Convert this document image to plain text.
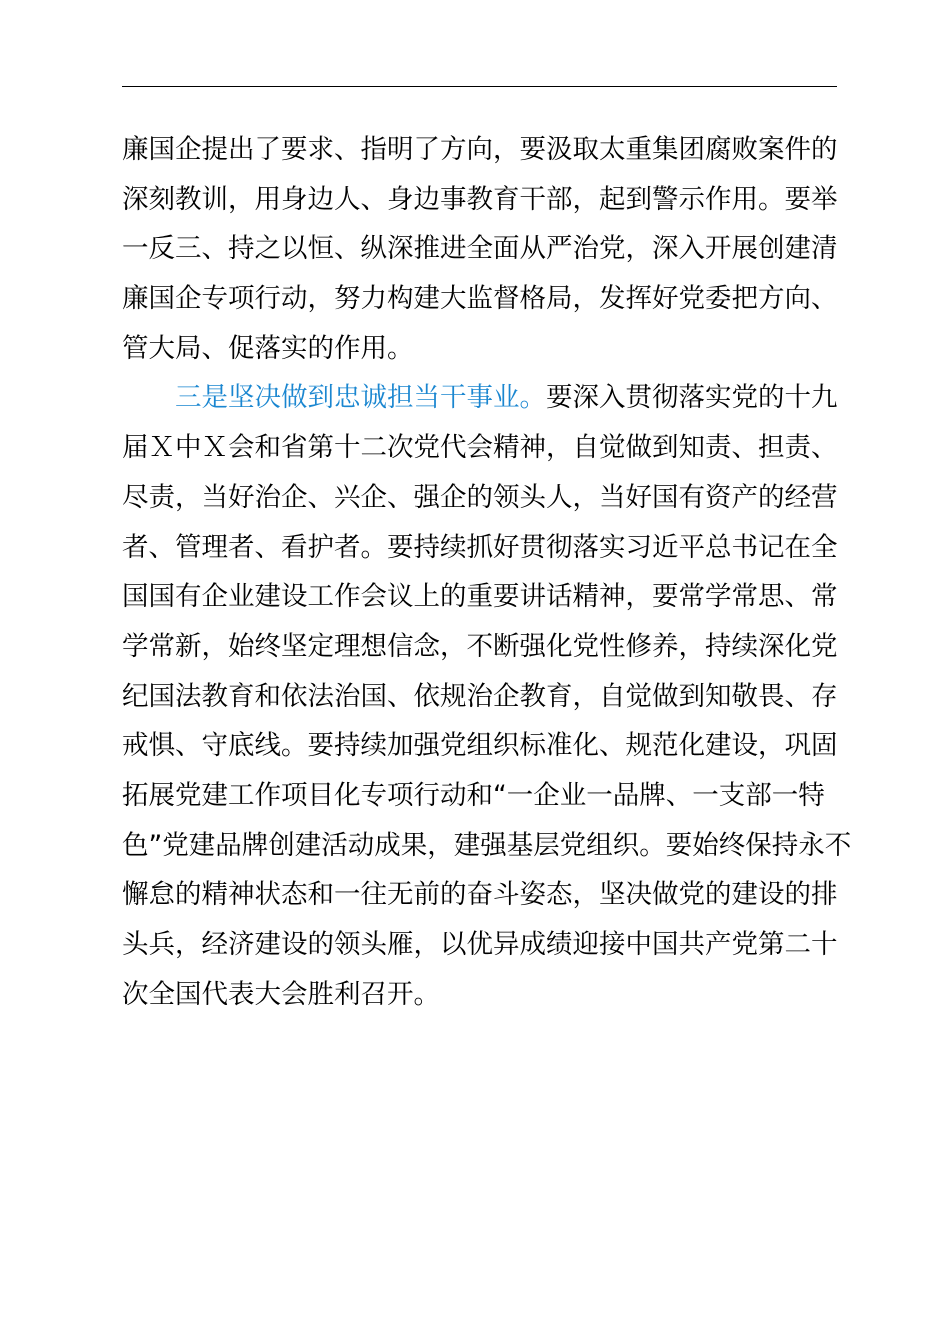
廉国企提出了要求、指明了方向，要汲取太重集团腐败案件的
深刻教训，用身边人、身边事教育干部，起到警示作用。要举
一反三、持之以恒、纵深推进全面从严治党，深入开展创建清
廉国企专项行动，努力构建大监督格局，发挥好党委把方向、
管大局、促落实的作用。
三是坚决做到忠诚担当干事业。要深入贯彻落实党的十九
届Ｘ中Ｘ会和省第十二次党代会精神，自觉做到知责、担责、
尽责，当好治企、兴企、强企的领头人，当好国有资产的经营
者、管理者、看护者。要持续抓好贯彻落实习近平总书记在全
国国有企业建设工作会议上的重要讲话精神，要常学常思、常
学常新，始终坚定理想信念，不断强化党性修养，持续深化党
纪国法教育和依法治国、依规治企教育，自觉做到知敬畏、存
戒惧、守底线。要持续加强党组织标准化、规范化建设，巩固
拓展党建工作项目化专项行动和“一企业一品牌、一支部一特
色”党建品牌创建活动成果，建强基层党组织。要始终保持永不
懈怠的精神状态和一往无前的奋斗姿态，坚决做党的建设的排
头兵，经济建设的领头雁，以优异成绩迎接中国共产党第二十
次全国代表大会胜利召开。
